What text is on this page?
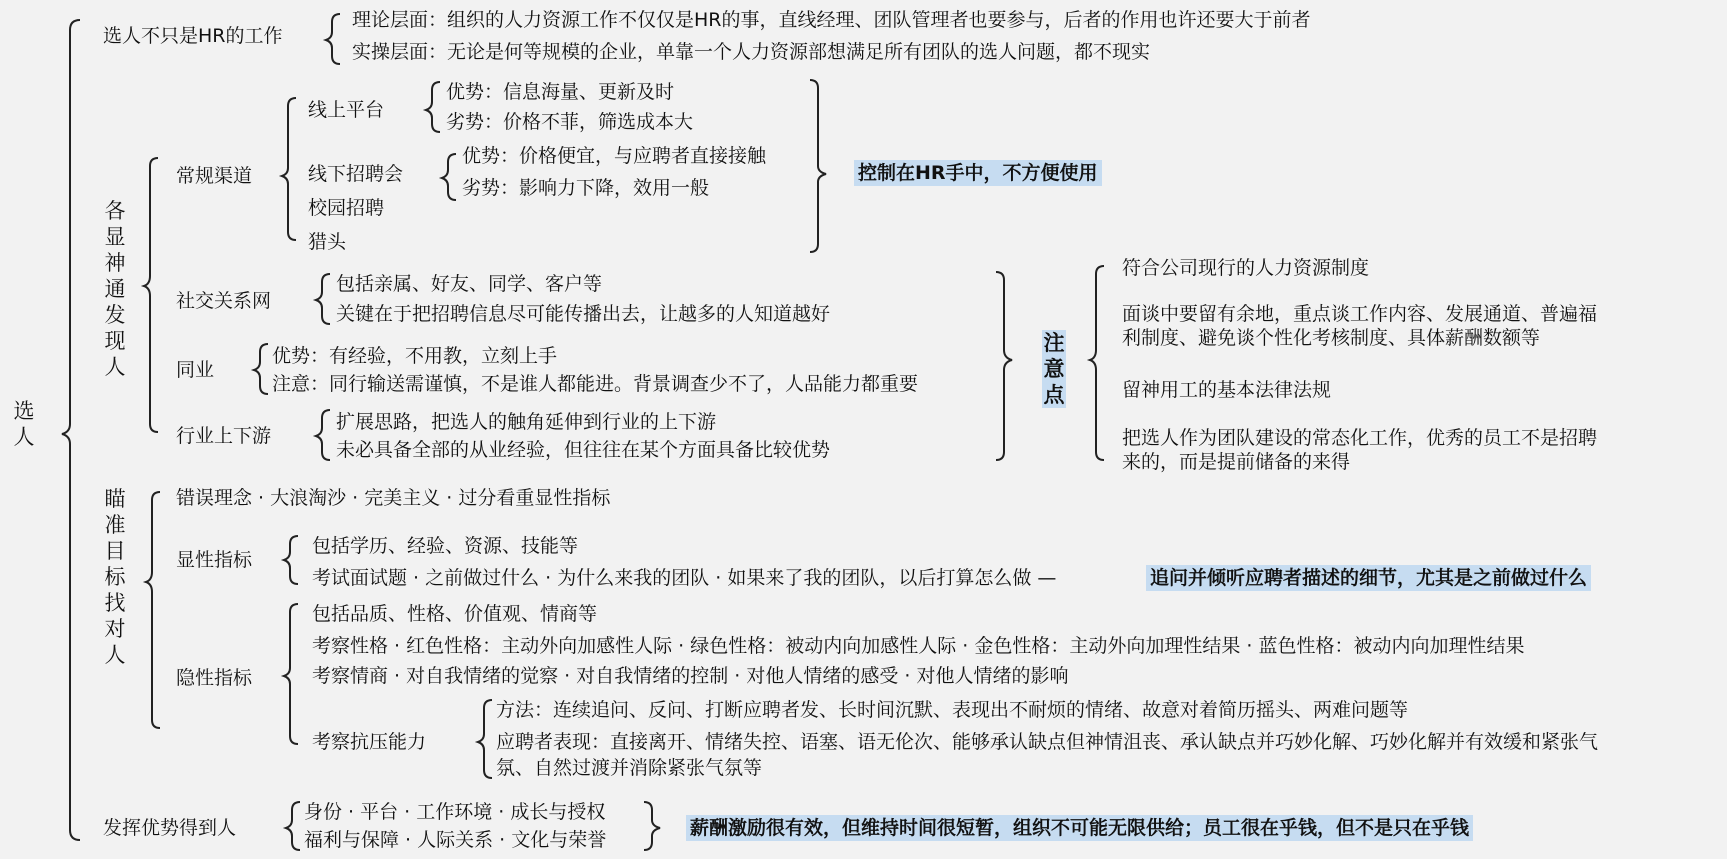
选人
选人不只是HR的工作
理论层面：组织的人力资源工作不仅仅是HR的事，直线经理、团队管理者也要参与，后者的作用也许还要大于前者
实操层面：无论是何等规模的企业，单靠一个人力资源部想满足所有团队的选人问题，都不现实
各显神通发现人
常规渠道
线上平台
优势：信息海量、更新及时
劣势：价格不菲，筛选成本大
线下招聘会
优势：价格便宜，与应聘者直接接触
劣势：影响力下降，效用一般
校园招聘
猎头
控制在HR手中，不方便使用
社交关系网
包括亲属、好友、同学、客户等
关键在于把招聘信息尽可能传播出去，让越多的人知道越好
同业
优势：有经验，不用教，立刻上手
注意：同行输送需谨慎，不是谁人都能进。背景调查少不了，人品能力都重要
行业上下游
扩展思路，把选人的触角延伸到行业的上下游
未必具备全部的从业经验，但往往在某个方面具备比较优势
注意点
符合公司现行的人力资源制度
面谈中要留有余地，重点谈工作内容、发展通道、普遍福
利制度、避免谈个性化考核制度、具体薪酬数额等
留神用工的基本法律法规
把选人作为团队建设的常态化工作，优秀的员工不是招聘
来的，而是提前储备的来得
瞄准目标找对人
错误理念 · 大浪淘沙 · 完美主义 · 过分看重显性指标
显性指标
包括学历、经验、资源、技能等
考试面试题 · 之前做过什么 · 为什么来我的团队 · 如果来了我的团队，以后打算怎么做 —	追问并倾听应聘者描述的细节，尤其是之前做过什么
隐性指标
包括品质、性格、价值观、情商等
考察性格 · 红色性格：主动外向加感性人际 · 绿色性格：被动内向加感性人际 · 金色性格：主动外向加理性结果 · 蓝色性格：被动内向加理性结果
考察情商 · 对自我情绪的觉察 · 对自我情绪的控制 · 对他人情绪的感受 · 对他人情绪的影响
考察抗压能力
方法：连续追问、反问、打断应聘者发、长时间沉默、表现出不耐烦的情绪、故意对着简历摇头、两难问题等
应聘者表现：直接离开、情绪失控、语塞、语无伦次、能够承认缺点但神情沮丧、承认缺点并巧妙化解、巧妙化解并有效缓和紧张气
氛、自然过渡并消除紧张气氛等
发挥优势得到人
身份 · 平台 · 工作环境 · 成长与授权
福利与保障 · 人际关系 · 文化与荣誉
薪酬激励很有效，但维持时间很短暂，组织不可能无限供给；员工很在乎钱，但不是只在乎钱
